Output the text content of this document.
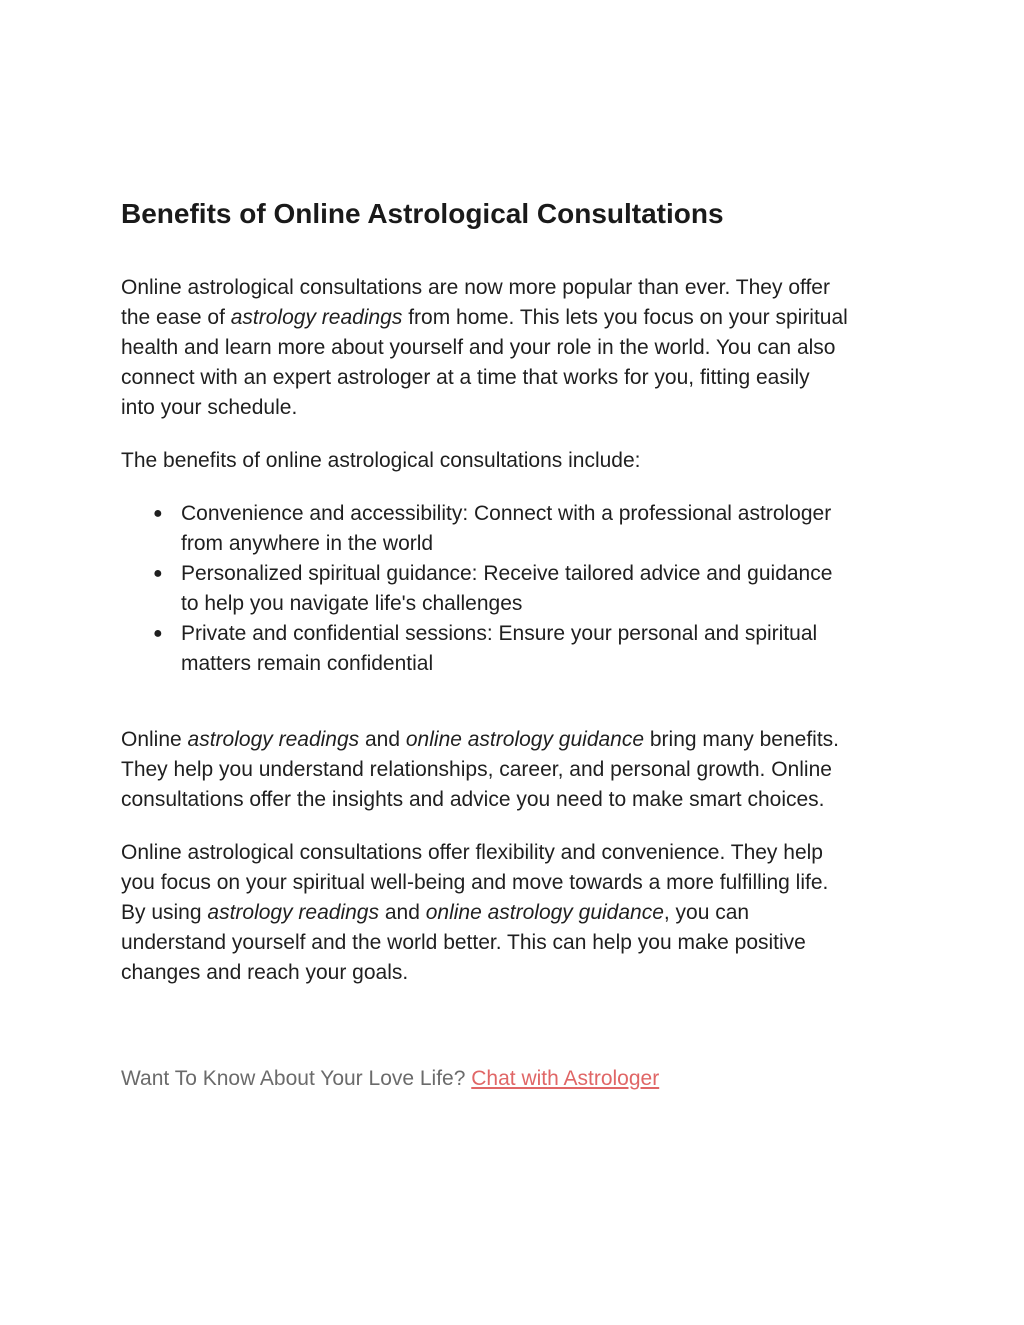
Benefits of Online Astrological Consultations

Online astrological consultations are now more popular than ever. They offer
the ease of astrology readings from home. This lets you focus on your spiritual
health and learn more about yourself and your role in the world. You can also
connect with an expert astrologer at a time that works for you, fitting easily
into your schedule.

The benefits of online astrological consultations include:

● Convenience and accessibility: Connect with a professional astrologer
from anywhere in the world
● Personalized spiritual guidance: Receive tailored advice and guidance
to help you navigate life's challenges
● Private and confidential sessions: Ensure your personal and spiritual
matters remain confidential

Online astrology readings and online astrology guidance bring many benefits.
They help you understand relationships, career, and personal growth. Online
consultations offer the insights and advice you need to make smart choices.

Online astrological consultations offer flexibility and convenience. They help
you focus on your spiritual well-being and move towards a more fulfilling life.
By using astrology readings and online astrology guidance, you can
understand yourself and the world better. This can help you make positive
changes and reach your goals.

Want To Know About Your Love Life? Chat with Astrologer
